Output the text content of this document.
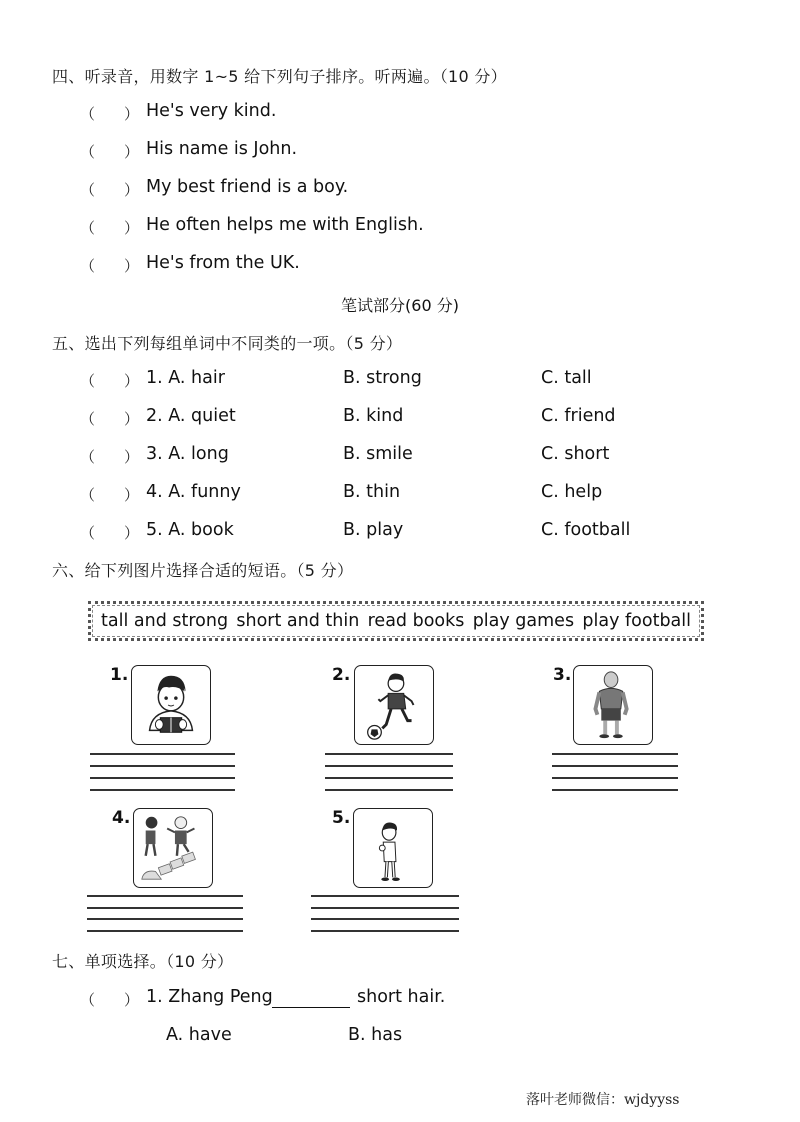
四、听录音，用数字 1~5 给下列句子排序。听两遍。（10 分）
（ ） He's very kind.
（ ） His name is John.
（ ） My best friend is a boy.
（ ） He often helps me with English.
（ ） He's from the UK.
笔试部分(60 分)
五、选出下列每组单词中不同类的一项。（5 分）
（ ） 1. A. hair	B. strong	C. tall
（ ） 2. A. quiet	B. kind	C. friend
（ ） 3. A. long	B. smile	C. short
（ ） 4. A. funny	B. thin	C. help
（ ） 5. A. book	B. play	C. football
六、给下列图片选择合适的短语。（5 分）
tall and strong short and thin read books play games play football
1.	2.	3.
4.	5.
七、单项选择。（10 分）
（ ） 1. Zhang Peng	short hair.
A. have	B. has
落叶老师微信：wjdyyss
